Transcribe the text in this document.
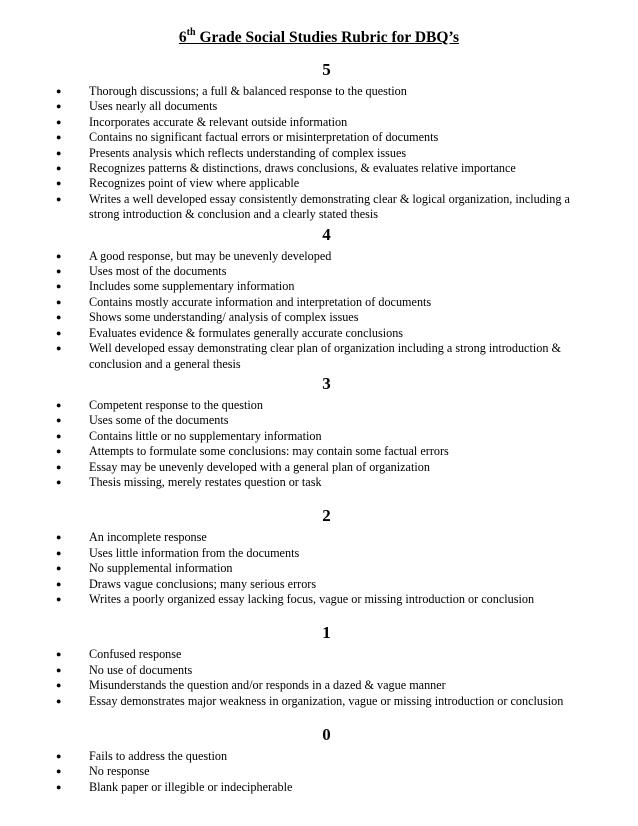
6th Grade Social Studies Rubric for DBQ’s
5
●
Thorough discussions; a full & balanced response to the question
●
Uses nearly all documents
●
Incorporates accurate & relevant outside information
●
Contains no significant factual errors or misinterpretation of documents
●
Presents analysis which reflects understanding of complex issues
●
Recognizes patterns & distinctions, draws conclusions, & evaluates relative importance
●
Recognizes point of view where applicable
●
Writes a well developed essay consistently demonstrating clear & logical organization, including a strong introduction & conclusion and a clearly stated thesis
4
●
A good response, but may be unevenly developed
●
Uses most of the documents
●
Includes some supplementary information
●
Contains mostly accurate information and interpretation of documents
●
Shows some understanding/ analysis of complex issues
●
Evaluates evidence & formulates generally accurate conclusions
●
Well developed essay demonstrating clear plan of organization including a strong introduction & conclusion and a general thesis
3
●
Competent response to the question
●
Uses some of the documents
●
Contains little or no supplementary information
●
Attempts to formulate some conclusions: may contain some factual errors
●
Essay may be unevenly developed with a general plan of organization
●
Thesis missing, merely restates question or task
2
●
An incomplete response
●
Uses little information from the documents
●
No supplemental information
●
Draws vague conclusions; many serious errors
●
Writes a poorly organized essay lacking focus, vague or missing introduction or conclusion
1
●
Confused response
●
No use of documents
●
Misunderstands the question and/or responds in a dazed & vague manner
●
Essay demonstrates major weakness in organization, vague or missing introduction or conclusion
0
●
Fails to address the question
●
No response
●
Blank paper or illegible or indecipherable
